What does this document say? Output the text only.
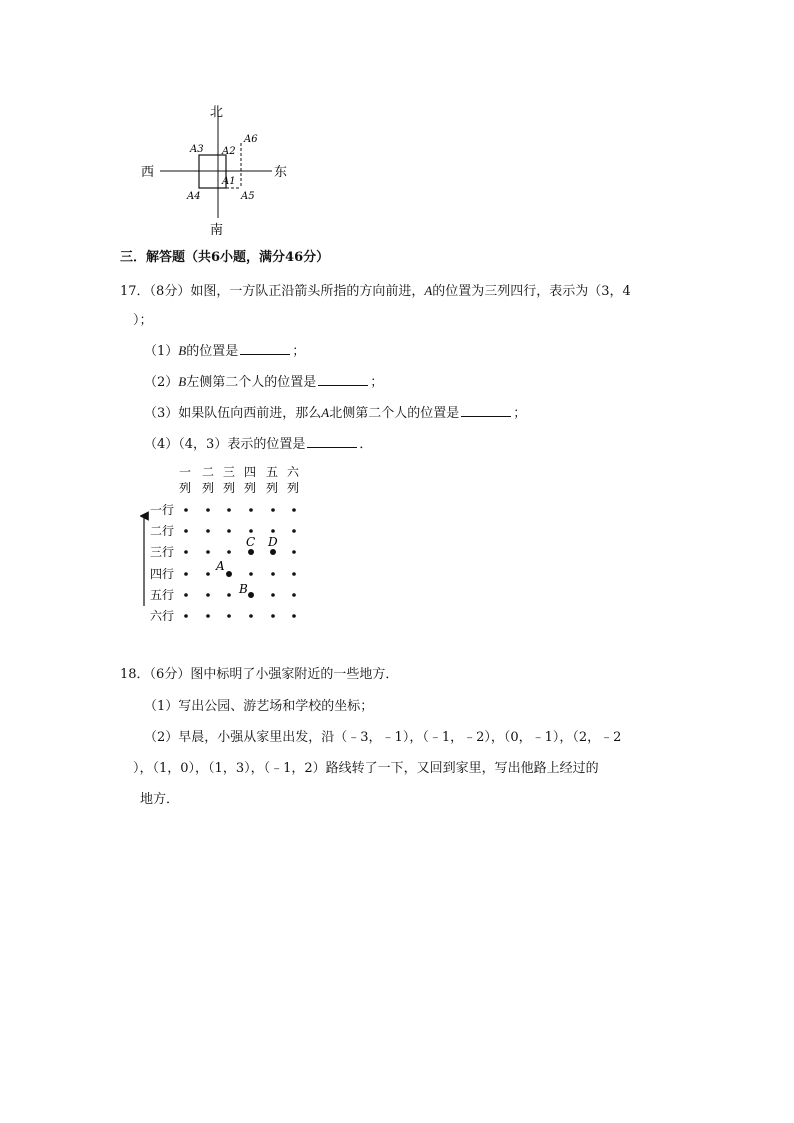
北
南
西	东
A3 A2
A6
A1
A4	A5
三．解答题（共6小题，满分46分）
17．（8分）如图，一方队正沿箭头所指的方向前进，A的位置为三列四行，表示为（3，4
）；
（1）B的位置是	；
（2）B左侧第二个人的位置是	；
（3）如果队伍向西前进，那么A北侧第二个人的位置是	；
（4）（4，3）表示的位置是	．
一
列
二
列
三
列
四
列
五
列
六
列
一行
二行
三行
四行
五行
六行
C D
A
B
18．（6分）图中标明了小强家附近的一些地方．
（1）写出公园、游艺场和学校的坐标；
（2）早晨，小强从家里出发，沿（﹣3，﹣1），（﹣1，﹣2），（0，﹣1），（2，﹣2
），（1，0），（1，3），（﹣1，2）路线转了一下，又回到家里，写出他路上经过的
地方．
